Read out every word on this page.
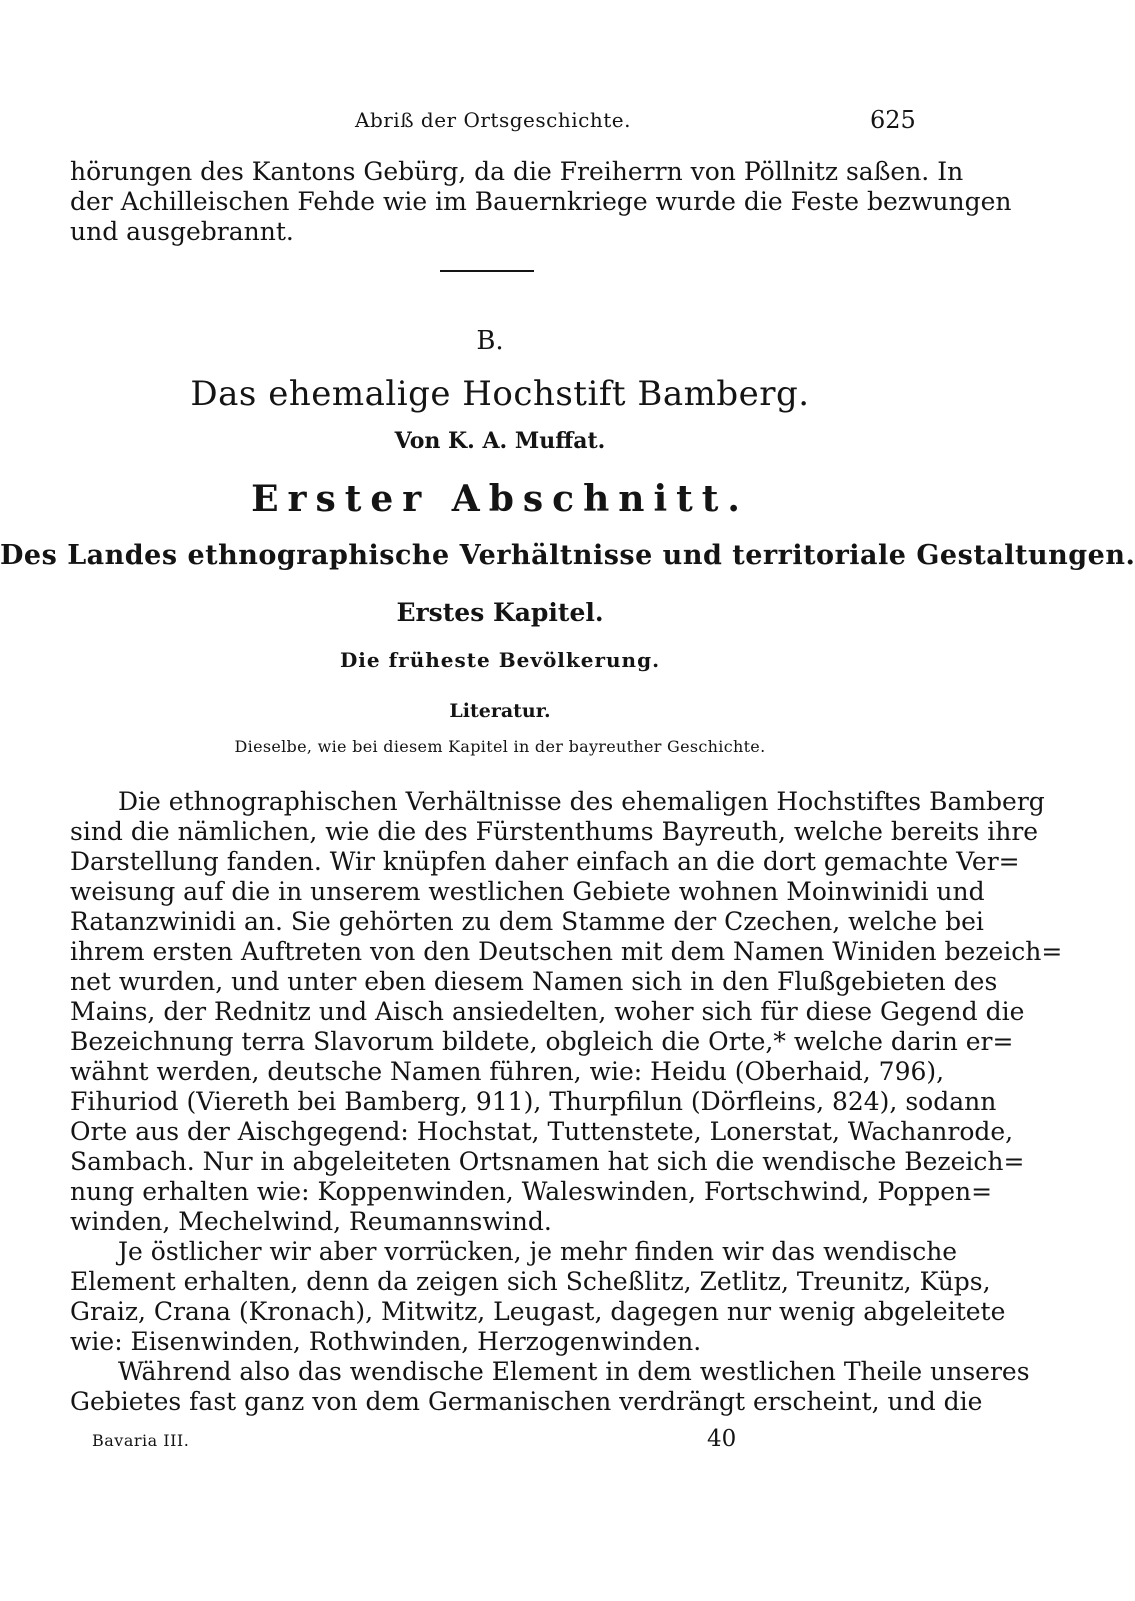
Abriß der Ortsgeschichte.	625
hörungen des Kantons Gebürg, da die Freiherrn von Pöllnitz saßen. In
der Achilleischen Fehde wie im Bauernkriege wurde die Feste bezwungen
und ausgebrannt.
B.
Das ehemalige Hochstift Bamberg.
Von K. A. Muffat.
Erster Abschnitt.
Des Landes ethnographische Verhältnisse und territoriale Gestaltungen.
Erstes Kapitel.
Die früheste Bevölkerung.
Literatur.
Dieselbe, wie bei diesem Kapitel in der bayreuther Geschichte.
Die ethnographischen Verhältnisse des ehemaligen Hochstiftes Bamberg
sind die nämlichen, wie die des Fürstenthums Bayreuth, welche bereits ihre
Darstellung fanden. Wir knüpfen daher einfach an die dort gemachte Ver=
weisung auf die in unserem westlichen Gebiete wohnen Moinwinidi und
Ratanzwinidi an. Sie gehörten zu dem Stamme der Czechen, welche bei
ihrem ersten Auftreten von den Deutschen mit dem Namen Winiden bezeich=
net wurden, und unter eben diesem Namen sich in den Flußgebieten des
Mains, der Rednitz und Aisch ansiedelten, woher sich für diese Gegend die
Bezeichnung terra Slavorum bildete, obgleich die Orte,* welche darin er=
wähnt werden, deutsche Namen führen, wie: Heidu (Oberhaid, 796),
Fihuriod (Viereth bei Bamberg, 911), Thurpfilun (Dörfleins, 824), sodann
Orte aus der Aischgegend: Hochstat, Tuttenstete, Lonerstat, Wachanrode,
Sambach. Nur in abgeleiteten Ortsnamen hat sich die wendische Bezeich=
nung erhalten wie: Koppenwinden, Waleswinden, Fortschwind, Poppen=
winden, Mechelwind, Reumannswind.
Je östlicher wir aber vorrücken, je mehr finden wir das wendische
Element erhalten, denn da zeigen sich Scheßlitz, Zetlitz, Treunitz, Küps,
Graiz, Crana (Kronach), Mitwitz, Leugast, dagegen nur wenig abgeleitete
wie: Eisenwinden, Rothwinden, Herzogenwinden.
Während also das wendische Element in dem westlichen Theile unseres
Gebietes fast ganz von dem Germanischen verdrängt erscheint, und die
Bavaria III.	40
